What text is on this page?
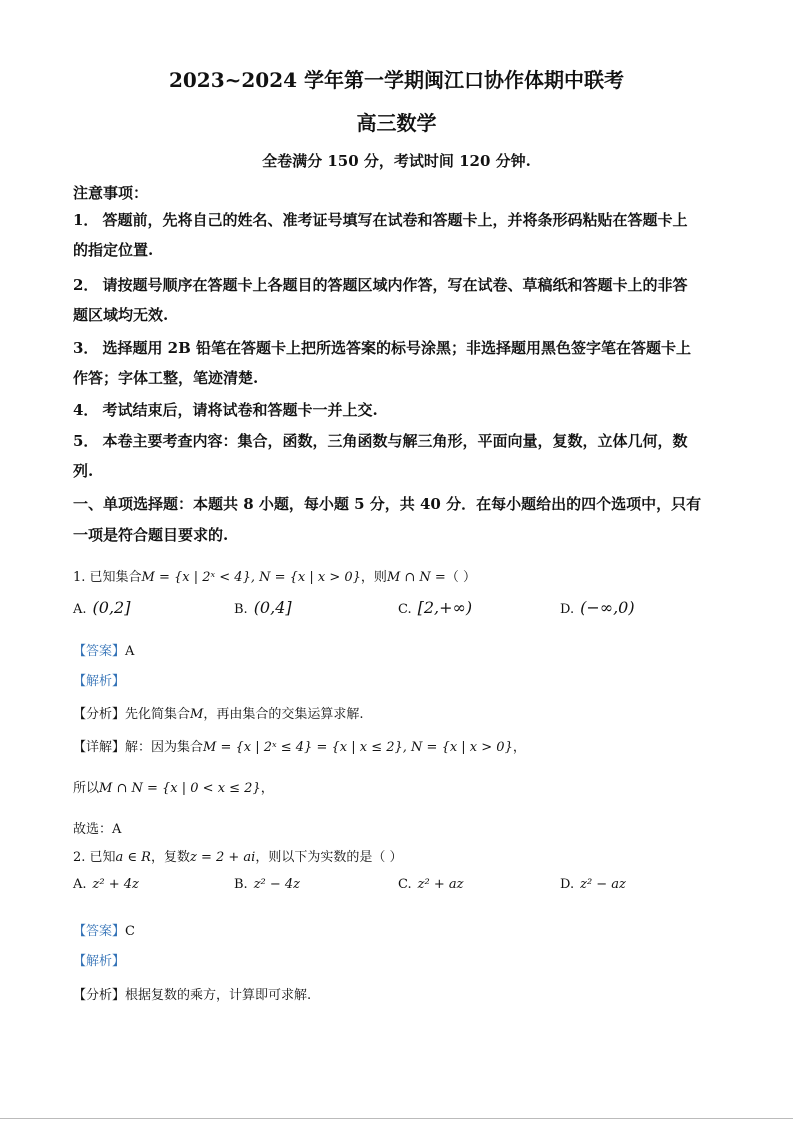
2023~2024 学年第一学期闽江口协作体期中联考
高三数学
全卷满分 150 分，考试时间 120 分钟.
注意事项：
1． 答题前，先将自己的姓名、准考证号填写在试卷和答题卡上，并将条形码粘贴在答题卡上
的指定位置.
2． 请按题号顺序在答题卡上各题目的答题区域内作答，写在试卷、草稿纸和答题卡上的非答
题区域均无效.
3． 选择题用 2B 铅笔在答题卡上把所选答案的标号涂黑；非选择题用黑色签字笔在答题卡上
作答；字体工整，笔迹清楚.
4． 考试结束后，请将试卷和答题卡一并上交.
5． 本卷主要考查内容：集合，函数，三角函数与解三角形，平面向量，复数，立体几何，数
列.
一、单项选择题：本题共 8 小题，每小题 5 分，共 40 分．在每小题给出的四个选项中，只有
一项是符合题目要求的.
1. 已知集合M = {x | 2ˣ < 4}, N = {x | x > 0}，则M ∩ N =（ ）
A. (0,2]	B. (0,4]	C. [2,+∞)	D. (−∞,0)
【答案】A
【解析】
【分析】先化简集合M，再由集合的交集运算求解.
【详解】解：因为集合M = {x | 2ˣ ≤ 4} = {x | x ≤ 2}, N = {x | x > 0}，
所以M ∩ N = {x | 0 < x ≤ 2}，
故选：A
2. 已知a ∈ R，复数z = 2 + ai，则以下为实数的是（ ）
A. z² + 4z	B. z² − 4z	C. z² + az	D. z² − az
【答案】C
【解析】
【分析】根据复数的乘方，计算即可求解.
